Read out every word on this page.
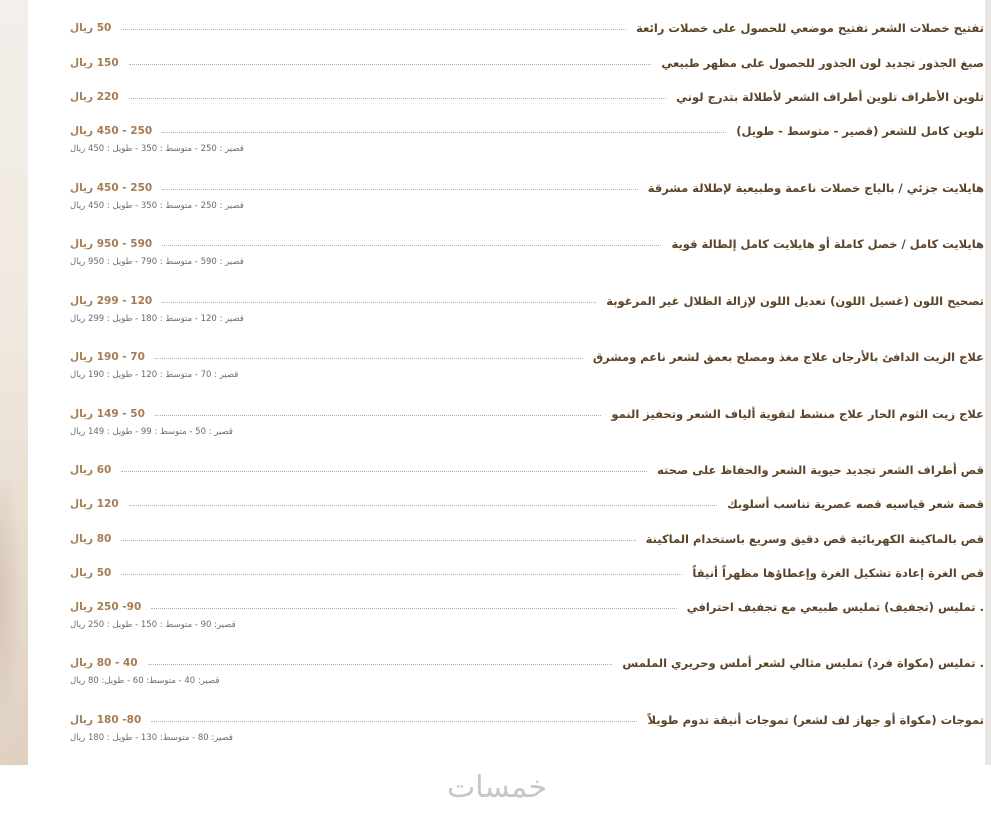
تفتيح خصلات الشعر تفتيح موضعي للحصول على خصلات رائعة
50 ريال
صبغ الجذور تجديد لون الجذور للحصول على مظهر طبيعي
150 ريال
تلوين الأطراف تلوين أطراف الشعر لأطلالة بتدرج لوني
220 ريال
تلوين كامل للشعر (قصير - متوسط - طويل)
250 - 450 ريال
قصير : 250 - متوسط : 350 - طويل : 450 ريال
هايلايت جزئي / بالياج خصلات ناعمة وطبيعية لإطلالة مشرقة
250 - 450 ريال
قصير : 250 - متوسط : 350 - طويل : 450 ريال
هايلايت كامل / خصل كاملة أو هايلايت كامل إلطالة قوية
590 - 950 ريال
قصير : 590 - متوسط : 790 - طويل : 950 ريال
تصحيح اللون (غسيل اللون) تعديل اللون لإزالة الظلال غير المرغوبة
120 - 299 ريال
قصير : 120 - متوسط : 180 - طويل : 299 ريال
علاج الزيت الدافئ بالأرجان علاج مغذ ومصلح بعمق لشعر ناعم ومشرق
70 - 190 ريال
قصير : 70 - متوسط : 120 - طويل : 190 ريال
علاج زيت الثوم الحار علاج منشط لتقوية ألياف الشعر وتحفيز النمو
50 - 149 ريال
قصير : 50 - متوسط : 99 - طويل : 149 ريال
قص أطراف الشعر تجديد حيوية الشعر والحفاظ على صحته
60 ريال
قصة شعر قياسيه قصه عصرية تناسب أسلوبك
120 ريال
قص بالماكينة الكهربائية قص دقيق وسريع باستخدام الماكينة
80 ريال
قص الغرة إعادة تشكيل الغرة وإعطاؤها مظهراً أنيقاً
50 ريال
. تمليس (تجفيف) تمليس طبيعي مع تجفيف احترافي
90- 250 ريال
قصير: 90 - متوسط : 150 - طويل : 250 ريال
. تمليس (مكواة فرد) تمليس مثالي لشعر أملس وحريري الملمس
40 - 80 ريال
قصير: 40 - متوسط: 60 - طويل: 80 ريال
تموجات (مكواة أو جهاز لف لشعر) تموجات أنيقة تدوم طويلاً
80- 180 ريال
قصير: 80 - متوسط: 130 - طويل : 180 ريال
خمسات
